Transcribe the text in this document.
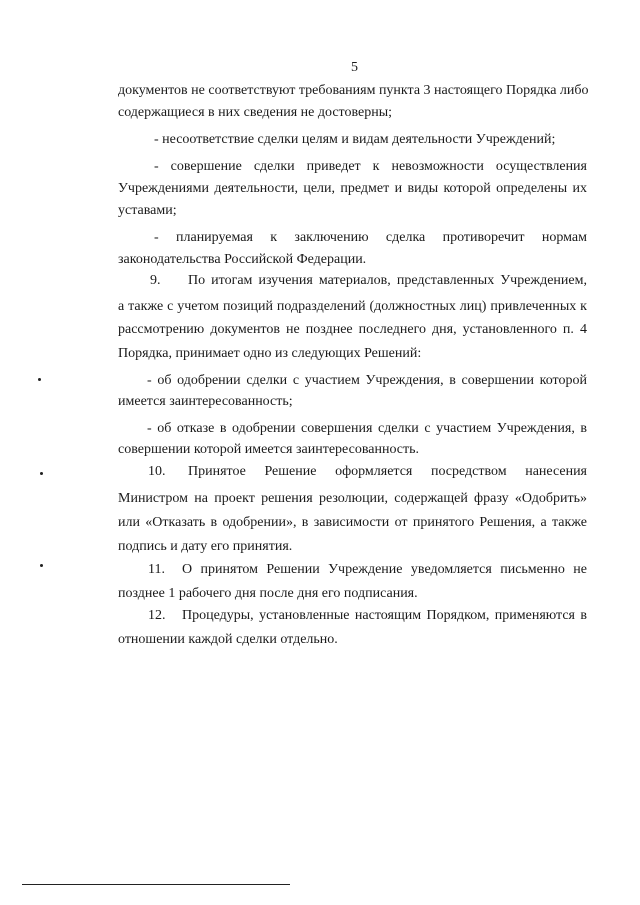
5
документов не соответствуют требованиям пункта 3 настоящего Порядка либо
содержащиеся в них сведения не достоверны;
- несоответствие сделки целям и видам деятельности Учреждений;
- совершение сделки приведет к невозможности осуществления
Учреждениями деятельности, цели, предмет и виды которой определены их
уставами;
- планируемая к заключению сделка противоречит нормам
законодательства Российской Федерации.
9. По итогам изучения материалов, представленных Учреждением,
а также с учетом позиций подразделений (должностных лиц) привлеченных к
рассмотрению документов не позднее последнего дня, установленного п. 4
Порядка, принимает одно из следующих Решений:
- об одобрении сделки с участием Учреждения, в совершении которой
имеется заинтересованность;
- об отказе в одобрении совершения сделки с участием Учреждения, в
совершении которой имеется заинтересованность.
10. Принятое Решение оформляется посредством нанесения
Министром на проект решения резолюции, содержащей фразу «Одобрить»
или «Отказать в одобрении», в зависимости от принятого Решения, а также
подпись и дату его принятия.
11. О принятом Решении Учреждение уведомляется письменно не
позднее 1 рабочего дня после дня его подписания.
12. Процедуры, установленные настоящим Порядком, применяются в
отношении каждой сделки отдельно.
